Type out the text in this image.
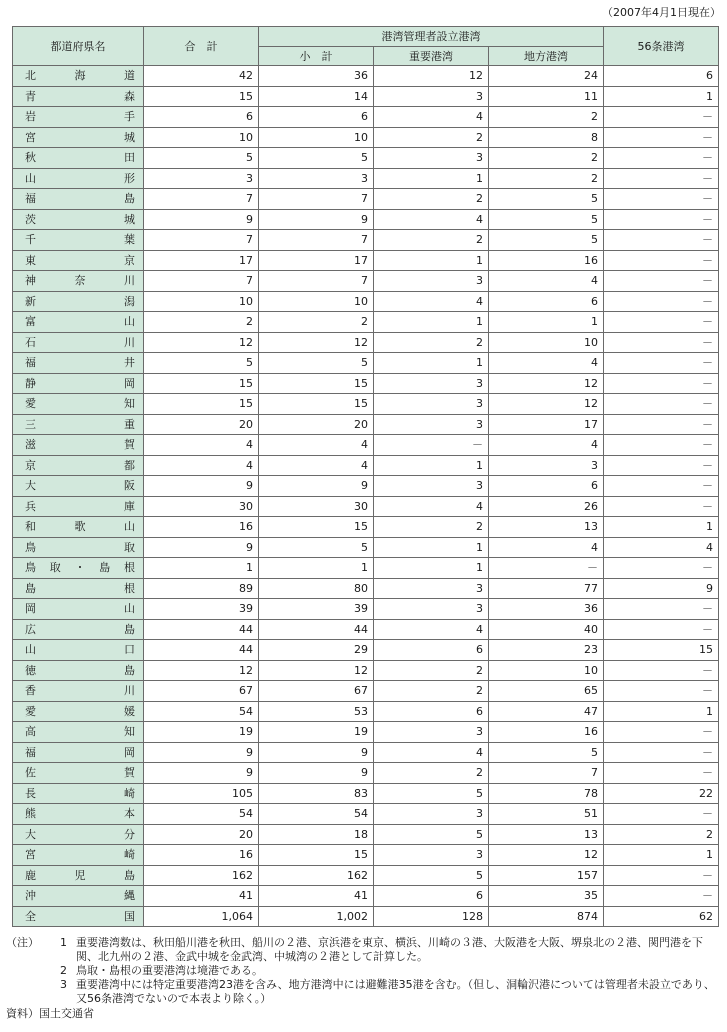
（2007年4月1日現在）
都道府県名	合　計	港湾管理者設立港湾			56条港湾
		小　計	重要港湾	地方港湾	
北海道	42	36	12	24	6
青森	15	14	3	11	1
岩手	6	6	4	2	－
宮城	10	10	2	8	－
秋田	5	5	3	2	－
山形	3	3	1	2	－
福島	7	7	2	5	－
茨城	9	9	4	5	－
千葉	7	7	2	5	－
東京	17	17	1	16	－
神奈川	7	7	3	4	－
新潟	10	10	4	6	－
富山	2	2	1	1	－
石川	12	12	2	10	－
福井	5	5	1	4	－
静岡	15	15	3	12	－
愛知	15	15	3	12	－
三重	20	20	3	17	－
滋賀	4	4	－	4	－
京都	4	4	1	3	－
大阪	9	9	3	6	－
兵庫	30	30	4	26	－
和歌山	16	15	2	13	1
鳥取	9	5	1	4	4
鳥取・島根	1	1	1	－	－
島根	89	80	3	77	9
岡山	39	39	3	36	－
広島	44	44	4	40	－
山口	44	29	6	23	15
徳島	12	12	2	10	－
香川	67	67	2	65	－
愛媛	54	53	6	47	1
高知	19	19	3	16	－
福岡	9	9	4	5	－
佐賀	9	9	2	7	－
長崎	105	83	5	78	22
熊本	54	54	3	51	－
大分	20	18	5	13	2
宮崎	16	15	3	12	1
鹿児島	162	162	5	157	－
沖縄	41	41	6	35	－
全国	1,064	1,002	128	874	62
（注）	1 重要港湾数は、秋田船川港を秋田、船川の２港、京浜港を東京、横浜、川崎の３港、大阪港を大阪、堺泉北の２港、関門港を下関、北九州の２港、金武中城を金武湾、中城湾の２港として計算した。
2 鳥取・島根の重要港湾は境港である。
3 重要港湾中には特定重要港湾23港を含み、地方港湾中には避難港35港を含む。（但し、洞輪沢港については管理者未設立であり、又56条港湾でないので本表より除く。）
資料）国土交通省
